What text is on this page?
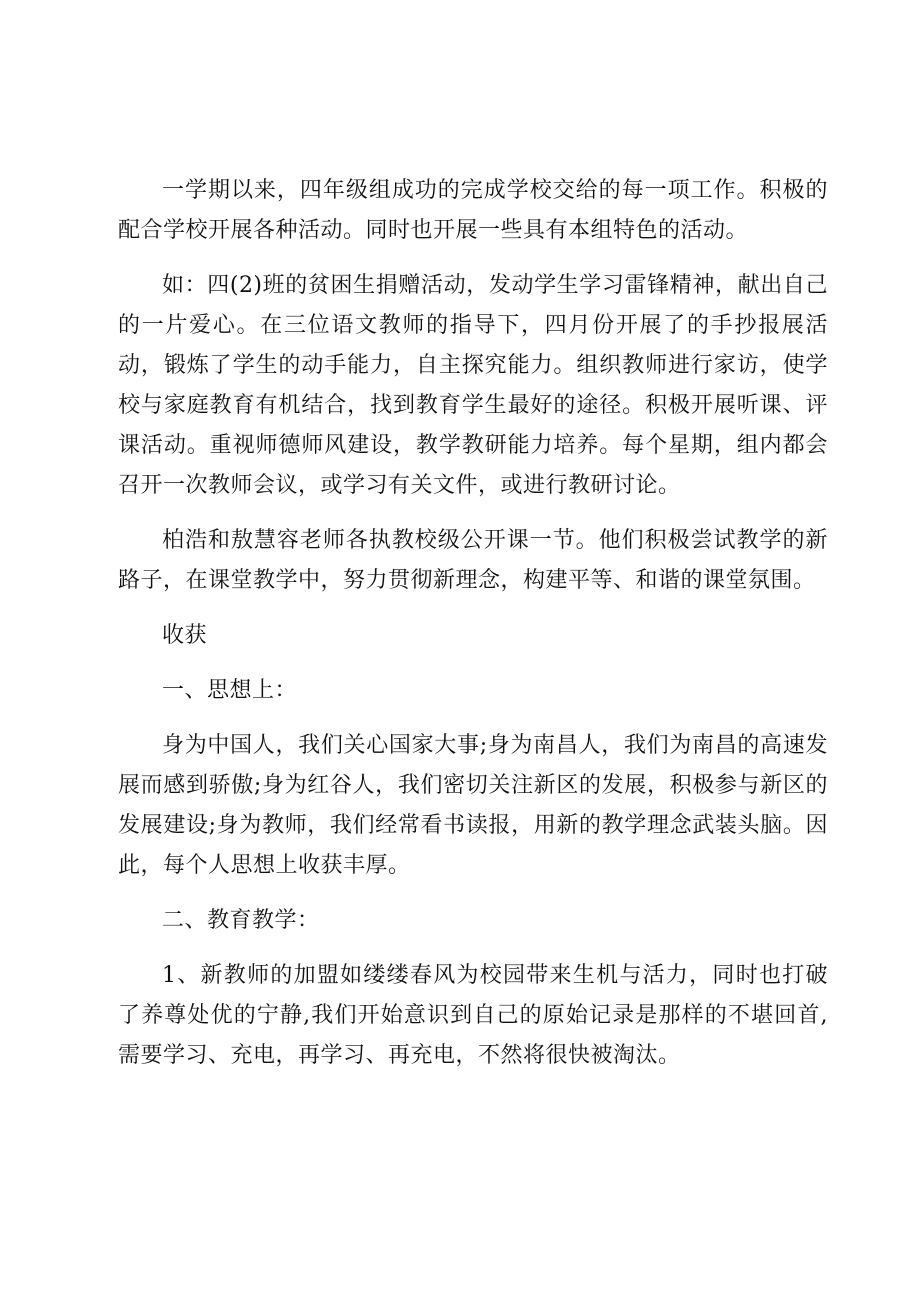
一学期以来，四年级组成功的完成学校交给的每一项工作。积极的配合学校开展各种活动。同时也开展一些具有本组特色的活动。

如：四(2)班的贫困生捐赠活动，发动学生学习雷锋精神，献出自己的一片爱心。在三位语文教师的指导下，四月份开展了的手抄报展活动，锻炼了学生的动手能力，自主探究能力。组织教师进行家访，使学校与家庭教育有机结合，找到教育学生最好的途径。积极开展听课、评课活动。重视师德师风建设，教学教研能力培养。每个星期，组内都会召开一次教师会议，或学习有关文件，或进行教研讨论。

柏浩和敖慧容老师各执教校级公开课一节。他们积极尝试教学的新路子，在课堂教学中，努力贯彻新理念，构建平等、和谐的课堂氛围。

收获

一、思想上：

身为中国人，我们关心国家大事;身为南昌人，我们为南昌的高速发展而感到骄傲;身为红谷人，我们密切关注新区的发展，积极参与新区的发展建设;身为教师，我们经常看书读报，用新的教学理念武装头脑。因此，每个人思想上收获丰厚。

二、教育教学：

1、新教师的加盟如缕缕春风为校园带来生机与活力，同时也打破了养尊处优的宁静,我们开始意识到自己的原始记录是那样的不堪回首,需要学习、充电，再学习、再充电，不然将很快被淘汰。
